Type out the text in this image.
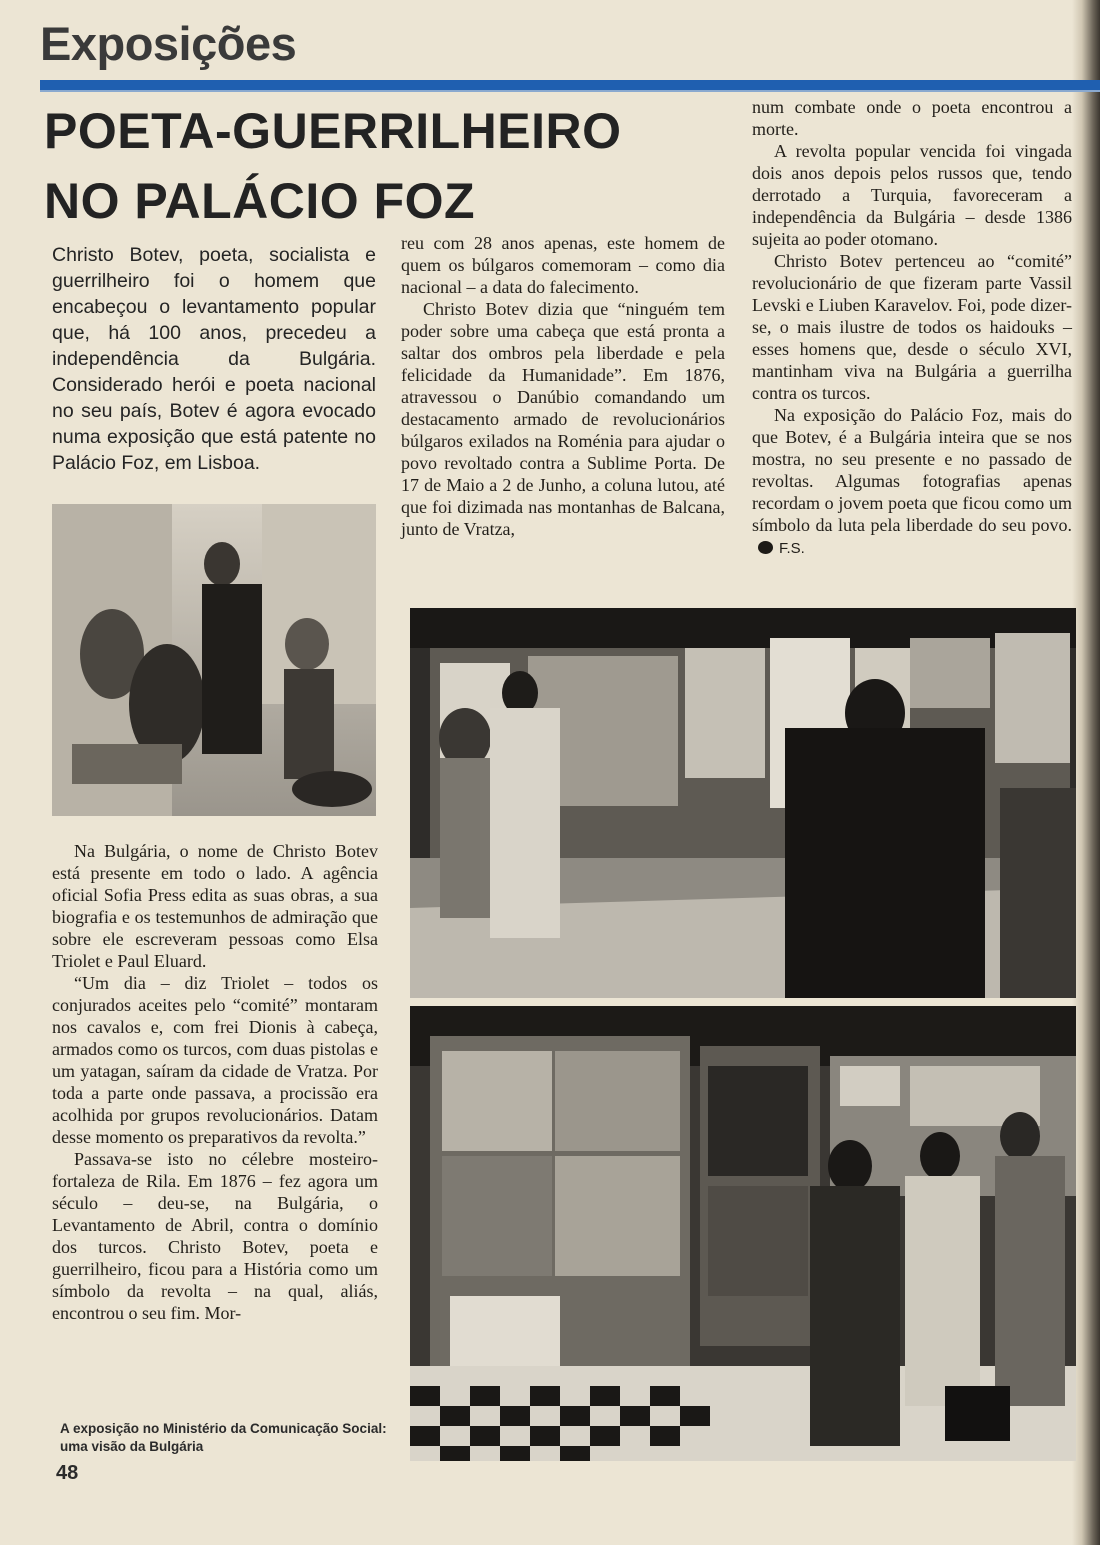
Exposições
POETA-GUERRILHEIRO
NO PALÁCIO FOZ

Christo Botev, poeta, socialista e guerrilheiro foi o homem que encabeçou o levantamento popular que, há 100 anos, precedeu a independência da Bulgária. Considerado herói e poeta nacional no seu país, Botev é agora evocado numa exposição que está patente no Palácio Foz, em Lisboa.

Na Bulgária, o nome de Christo Botev está presente em todo o lado. A agência oficial Sofia Press edita as suas obras, a sua biografia e os testemunhos de admiração que sobre ele escreveram pessoas como Elsa Triolet e Paul Eluard.

“Um dia – diz Triolet – todos os conjurados aceites pelo “comité” montaram nos cavalos e, com frei Dionis à cabeça, armados como os turcos, com duas pistolas e um yatagan, saíram da cidade de Vratza. Por toda a parte onde passava, a procissão era acolhida por grupos revolucionários. Datam desse momento os preparativos da revolta.”

Passava-se isto no célebre mosteiro-fortaleza de Rila. Em 1876 – fez agora um século – deu-se, na Bulgária, o Levantamento de Abril, contra o domínio dos turcos. Christo Botev, poeta e guerrilheiro, ficou para a História como um símbolo da revolta – na qual, aliás, encontrou o seu fim. Mor-

reu com 28 anos apenas, este homem de quem os búlgaros comemoram – como dia nacional – a data do falecimento.

Christo Botev dizia que “ninguém tem poder sobre uma cabeça que está pronta a saltar dos ombros pela liberdade e pela felicidade da Humanidade”. Em 1876, atravessou o Danúbio comandando um destacamento armado de revolucionários búlgaros exilados na Roménia para ajudar o povo revoltado contra a Sublime Porta. De 17 de Maio a 2 de Junho, a coluna lutou, até que foi dizimada nas montanhas de Balcana, junto de Vratza,

num combate onde o poeta encontrou a morte.

A revolta popular vencida foi vingada dois anos depois pelos russos que, tendo derrotado a Turquia, favoreceram a independência da Bulgária – desde 1386 sujeita ao poder otomano.

Christo Botev pertenceu ao “comité” revolucionário de que fizeram parte Vassil Levski e Liuben Karavelov. Foi, pode dizer-se, o mais ilustre de todos os haidouks – esses homens que, desde o século XVI, mantinham viva na Bulgária a guerrilha contra os turcos.

Na exposição do Palácio Foz, mais do que Botev, é a Bulgária inteira que se nos mostra, no seu presente e no passado de revoltas. Algumas fotografias apenas recordam o jovem poeta que ficou como um símbolo da luta pela liberdade do seu povo.F.S.

A exposição no Ministério da Comunicação Social: uma visão da Bulgária

48
